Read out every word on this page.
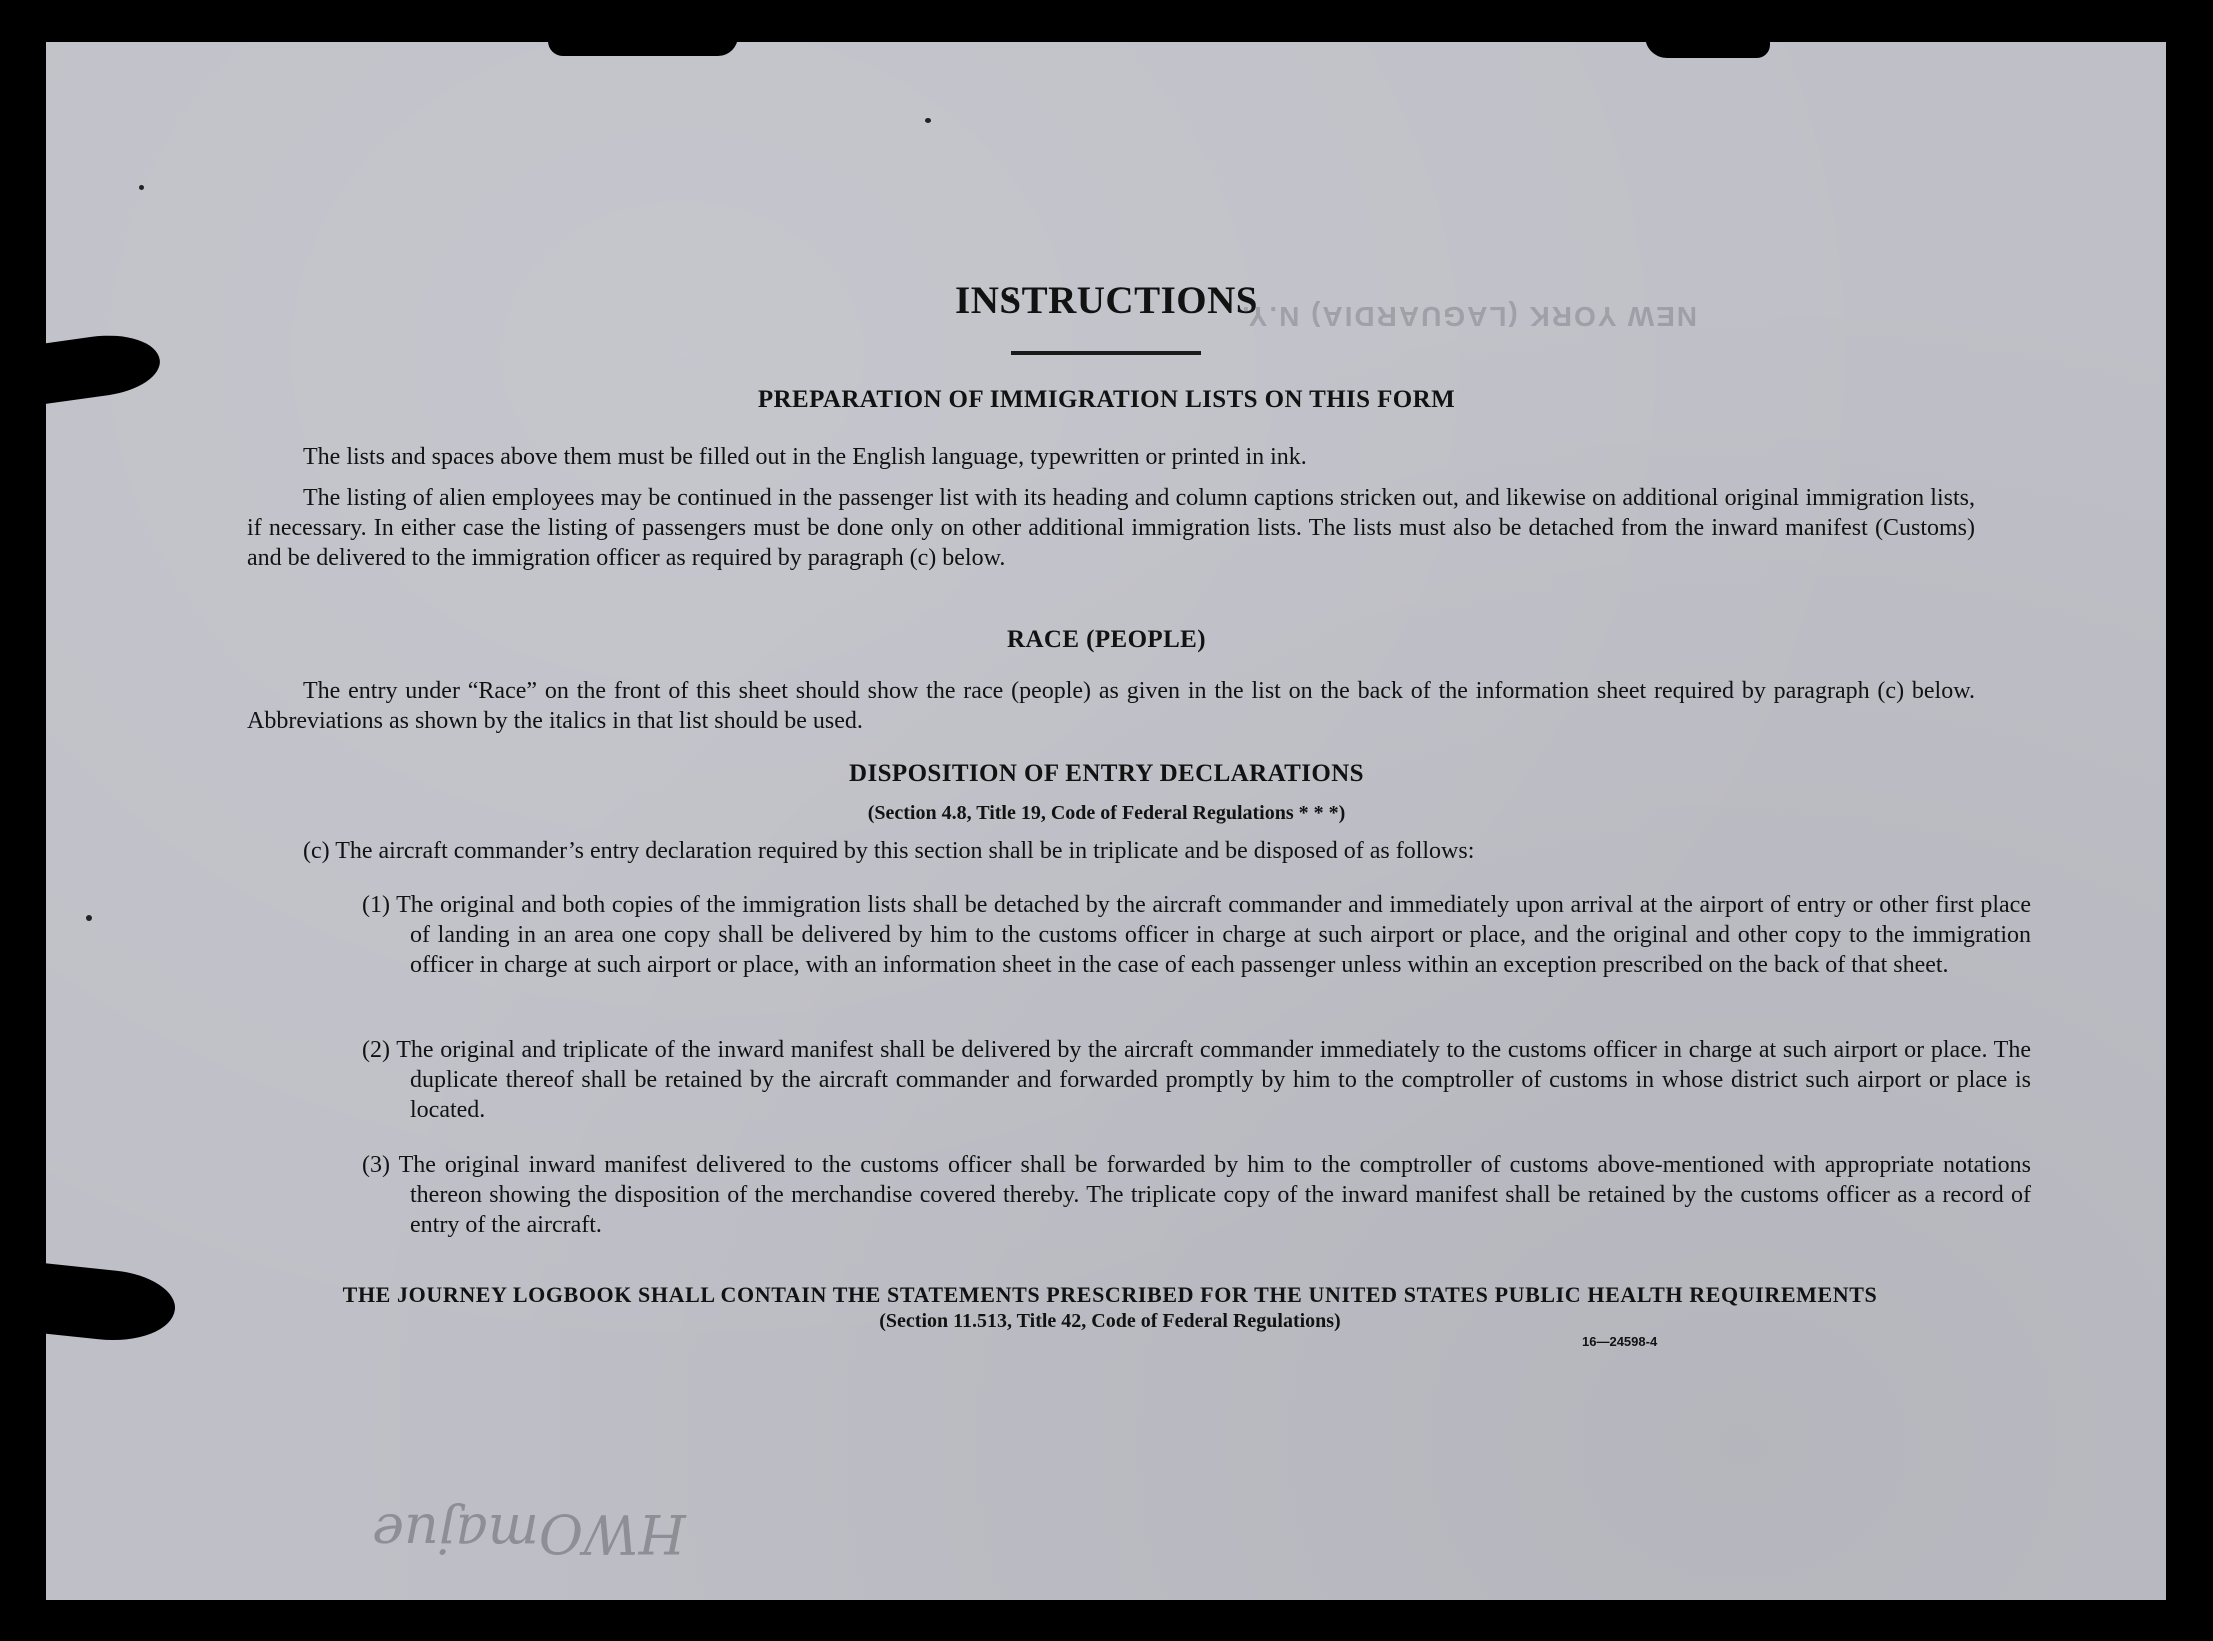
NEW YORK (LAGUARDIA) N.Y.
INSTRUCTIONS
PREPARATION OF IMMIGRATION LISTS ON THIS FORM
The lists and spaces above them must be filled out in the English language, typewritten or printed in ink.
The listing of alien employees may be continued in the passenger list with its heading and column captions stricken out, and likewise on additional original immigration lists, if necessary. In either case the listing of passengers must be done only on other additional immigration lists. The lists must also be detached from the inward manifest (Customs) and be delivered to the immigration officer as required by paragraph (c) below.
RACE (PEOPLE)
The entry under “Race” on the front of this sheet should show the race (people) as given in the list on the back of the information sheet required by paragraph (c) below. Abbreviations as shown by the italics in that list should be used.
DISPOSITION OF ENTRY DECLARATIONS
(Section 4.8, Title 19, Code of Federal Regulations * * *)
(c) The aircraft commander’s entry declaration required by this section shall be in triplicate and be disposed of as follows:
(1) The original and both copies of the immigration lists shall be detached by the aircraft commander and immediately upon arrival at the airport of entry or other first place of landing in an area one copy shall be delivered by him to the customs officer in charge at such airport or place, and the original and other copy to the immigration officer in charge at such airport or place, with an information sheet in the case of each passenger unless within an exception prescribed on the back of that sheet.
(2) The original and triplicate of the inward manifest shall be delivered by the aircraft commander immediately to the customs officer in charge at such airport or place. The duplicate thereof shall be retained by the aircraft commander and forwarded promptly by him to the comptroller of customs in whose district such airport or place is located.
(3) The original inward manifest delivered to the customs officer shall be forwarded by him to the comptroller of customs above-mentioned with appropriate notations thereon showing the disposition of the merchandise covered thereby. The triplicate copy of the inward manifest shall be retained by the customs officer as a record of entry of the aircraft.
THE JOURNEY LOGBOOK SHALL CONTAIN THE STATEMENTS PRESCRIBED FOR THE UNITED STATES PUBLIC HEALTH REQUIREMENTS
(Section 11.513, Title 42, Code of Federal Regulations)
16—24598-4
HWOmajue
